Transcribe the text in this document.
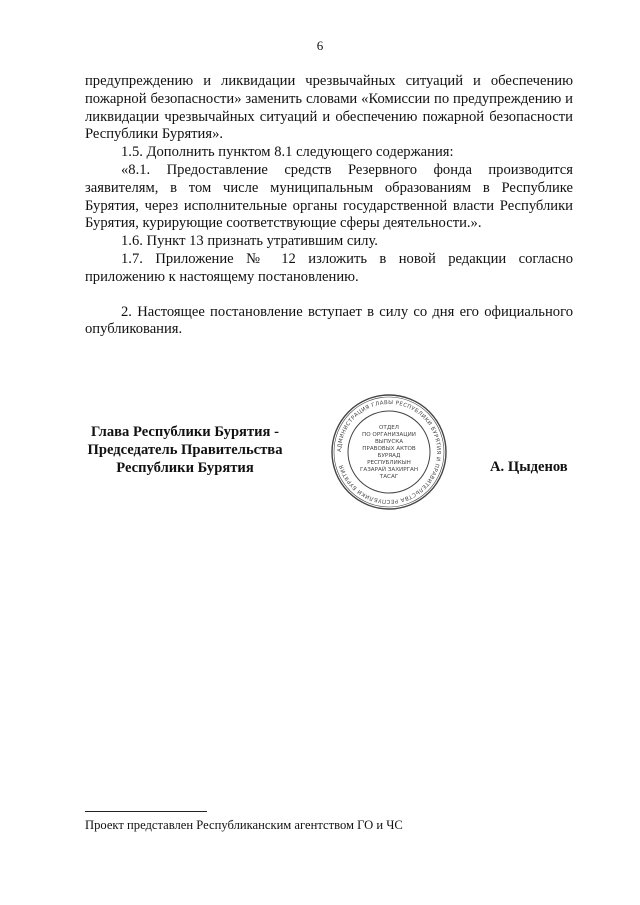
6

предупреждению и ликвидации чрезвычайных ситуаций и обеспечению пожарной безопасности» заменить словами «Комиссии по предупреждению и ликвидации чрезвычайных ситуаций и обеспечению пожарной безопасности Республики Бурятия».

1.5. Дополнить пунктом 8.1 следующего содержания:

«8.1. Предоставление средств Резервного фонда производится заявителям, в том числе муниципальным образованиям в Республике Бурятия, через исполнительные органы государственной власти Республики Бурятия, курирующие соответствующие сферы деятельности.».

1.6. Пункт 13 признать утратившим силу.

1.7. Приложение № 12 изложить в новой редакции согласно приложению к настоящему постановлению.

2. Настоящее постановление вступает в силу со дня его официального опубликования.

Глава Республики Бурятия -
Председатель Правительства
Республики Бурятия
АДМИНИСТРАЦИЯ ГЛАВЫ РЕСПУБЛИКИ БУРЯТИЯ И ПРАВИТЕЛЬСТВА РЕСПУБЛИКИ БУРЯТИЯ
ОТДЕЛ
ПО ОРГАНИЗАЦИИ
ВЫПУСКА
ПРАВОВЫХ АКТОВ
БУРЯАД
РЕСПУБЛИКЫН
ГАЗАРАЙ ЗАХИРГАН
ТАСАГ
А. Цыденов
Проект представлен Республиканским агентством ГО и ЧС
